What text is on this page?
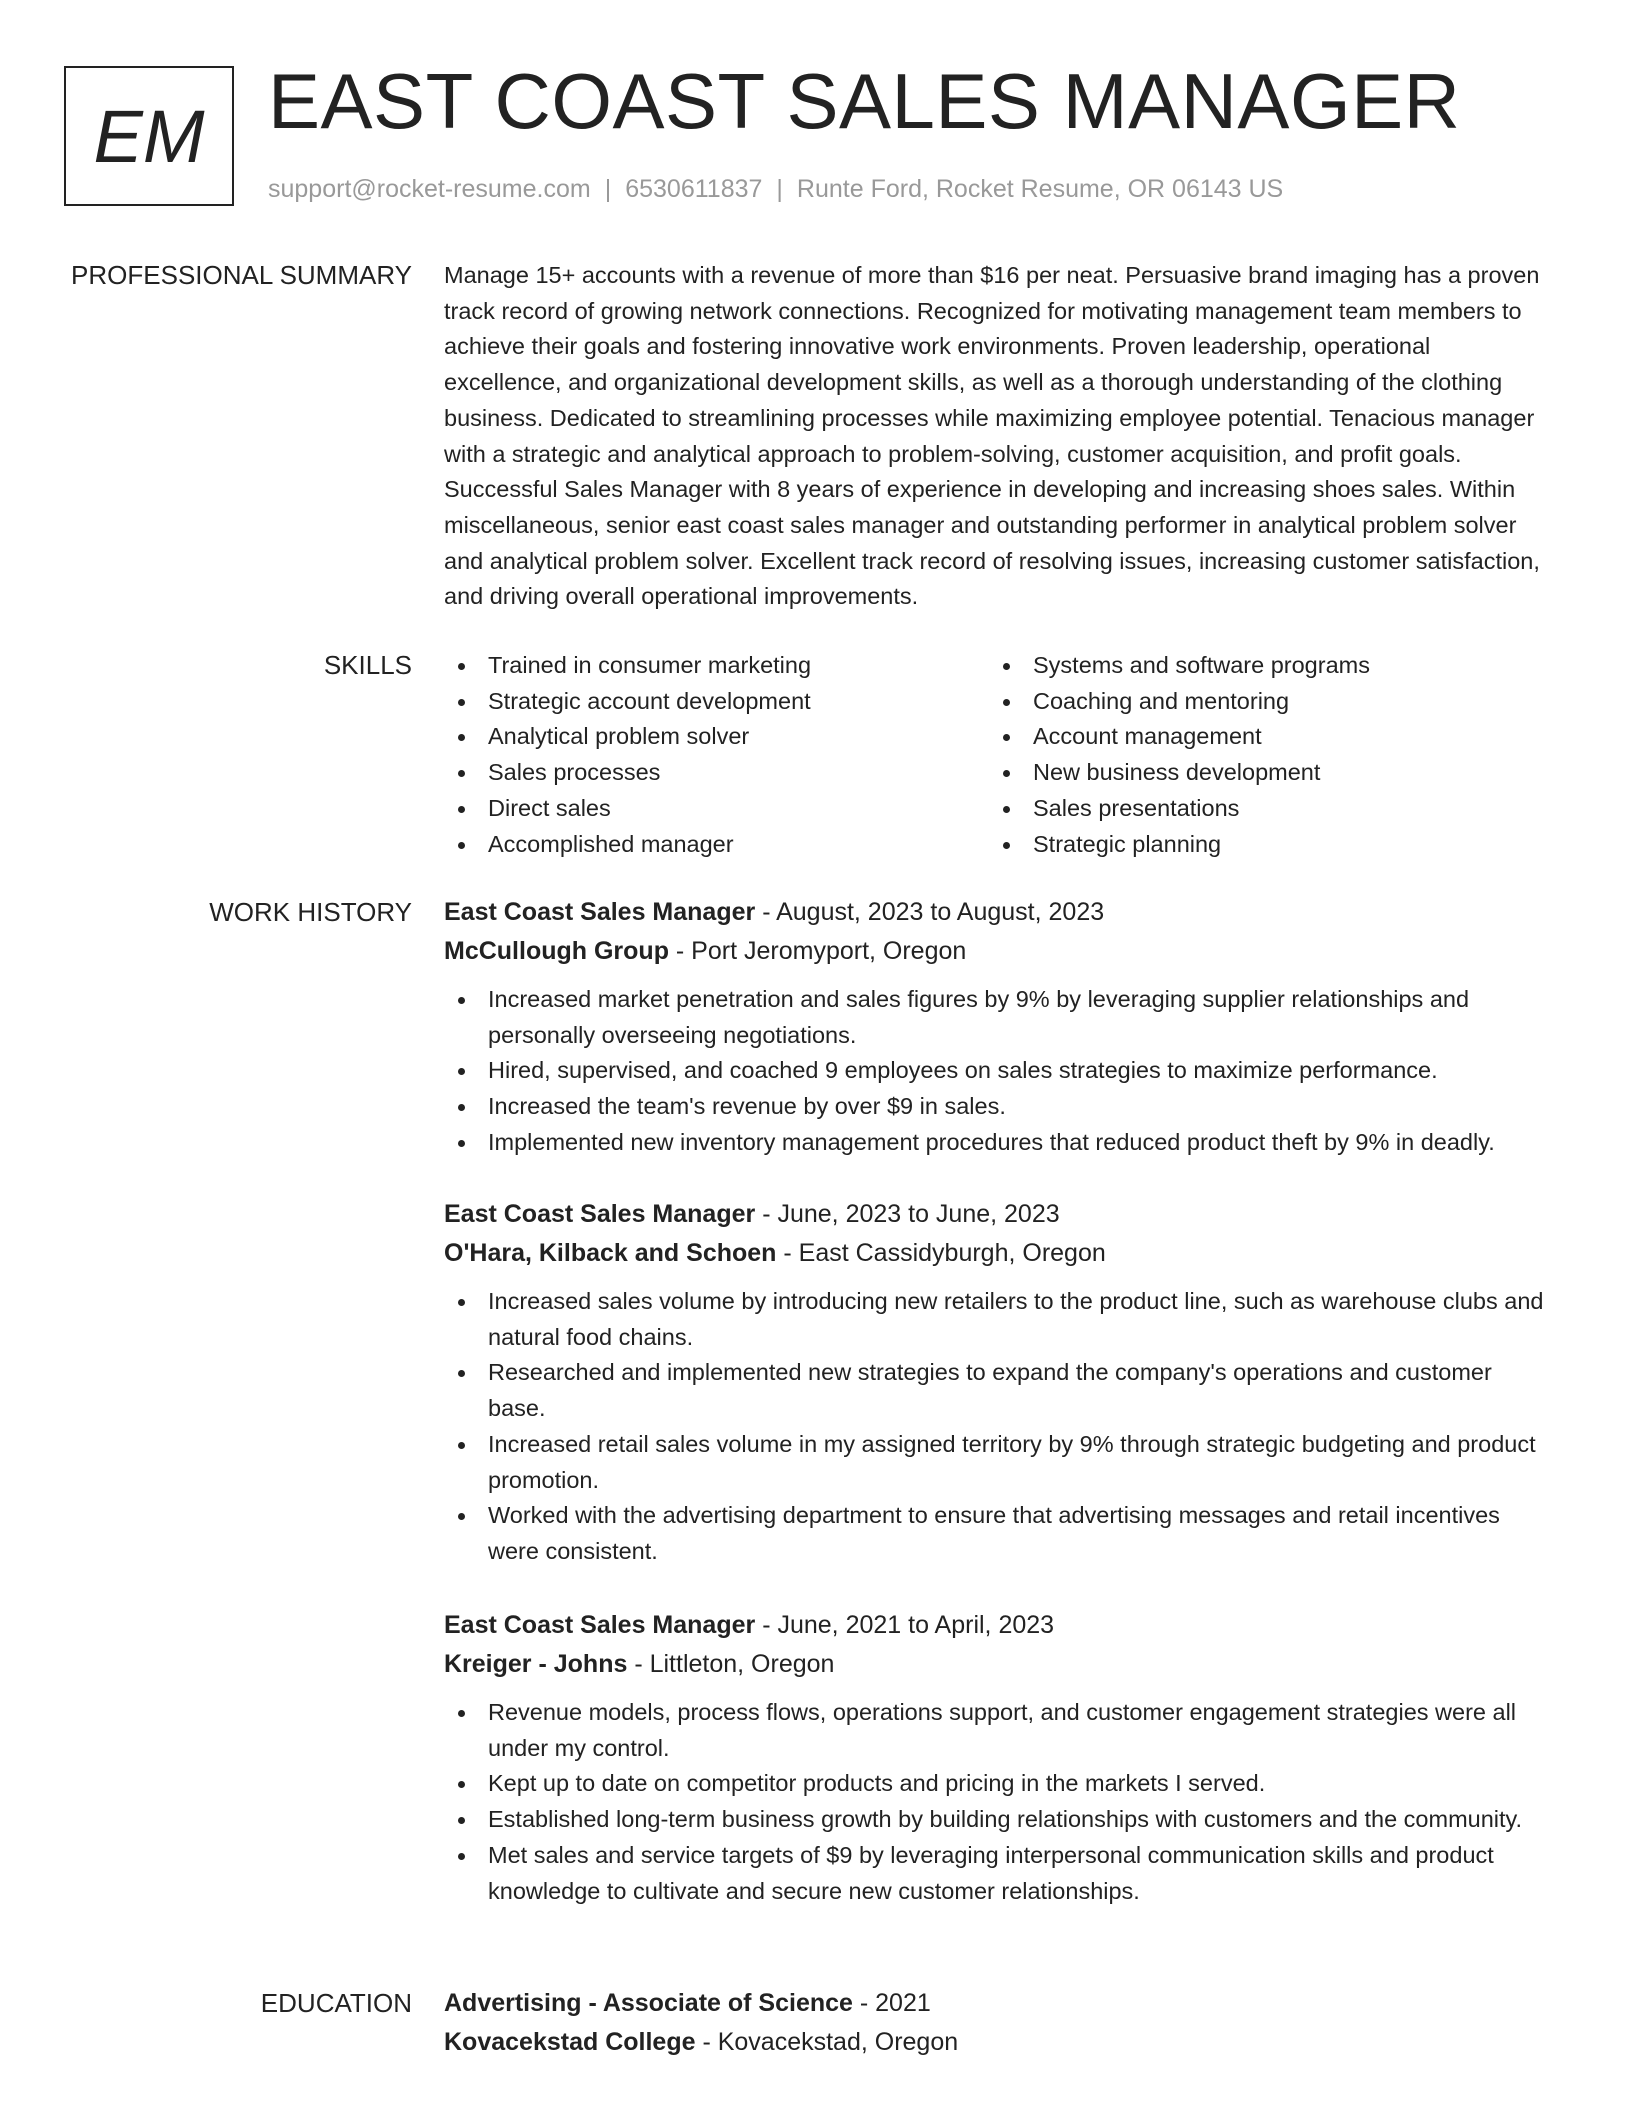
EM EAST COAST SALES MANAGER
support@rocket-resume.com | 6530611837 | Runte Ford, Rocket Resume, OR 06143 US
PROFESSIONAL SUMMARY Manage 15+ accounts with a revenue of more than $16 per neat. Persuasive brand imaging has a proven track record of growing network connections. Recognized for motivating management team members to achieve their goals and fostering innovative work environments. Proven leadership, operational excellence, and organizational development skills, as well as a thorough understanding of the clothing business. Dedicated to streamlining processes while maximizing employee potential. Tenacious manager with a strategic and analytical approach to problem-solving, customer acquisition, and profit goals. Successful Sales Manager with 8 years of experience in developing and increasing shoes sales. Within miscellaneous, senior east coast sales manager and outstanding performer in analytical problem solver and analytical problem solver. Excellent track record of resolving issues, increasing customer satisfaction, and driving overall operational improvements.

SKILLS	Trained in consumer marketing
Strategic account development
Analytical problem solver
Sales processes
Direct sales
Accomplished manager
Systems and software programs
Coaching and mentoring
Account management
New business development
Sales presentations
Strategic planning
WORK HISTORY East Coast Sales Manager - August, 2023 to August, 2023
McCullough Group - Port Jeromyport, Oregon
Increased market penetration and sales figures by 9% by leveraging supplier relationships and personally overseeing negotiations.
Hired, supervised, and coached 9 employees on sales strategies to maximize performance.
Increased the team's revenue by over $9 in sales.
Implemented new inventory management procedures that reduced product theft by 9% in deadly.
East Coast Sales Manager - June, 2023 to June, 2023
O'Hara, Kilback and Schoen - East Cassidyburgh, Oregon
Increased sales volume by introducing new retailers to the product line, such as warehouse clubs and natural food chains.
Researched and implemented new strategies to expand the company's operations and customer base.
Increased retail sales volume in my assigned territory by 9% through strategic budgeting and product promotion.
Worked with the advertising department to ensure that advertising messages and retail incentives were consistent.
East Coast Sales Manager - June, 2021 to April, 2023
Kreiger - Johns - Littleton, Oregon
Revenue models, process flows, operations support, and customer engagement strategies were all under my control.
Kept up to date on competitor products and pricing in the markets I served.
Established long-term business growth by building relationships with customers and the community.
Met sales and service targets of $9 by leveraging interpersonal communication skills and product knowledge to cultivate and secure new customer relationships.
EDUCATION Advertising - Associate of Science - 2021
Kovacekstad College - Kovacekstad, Oregon
